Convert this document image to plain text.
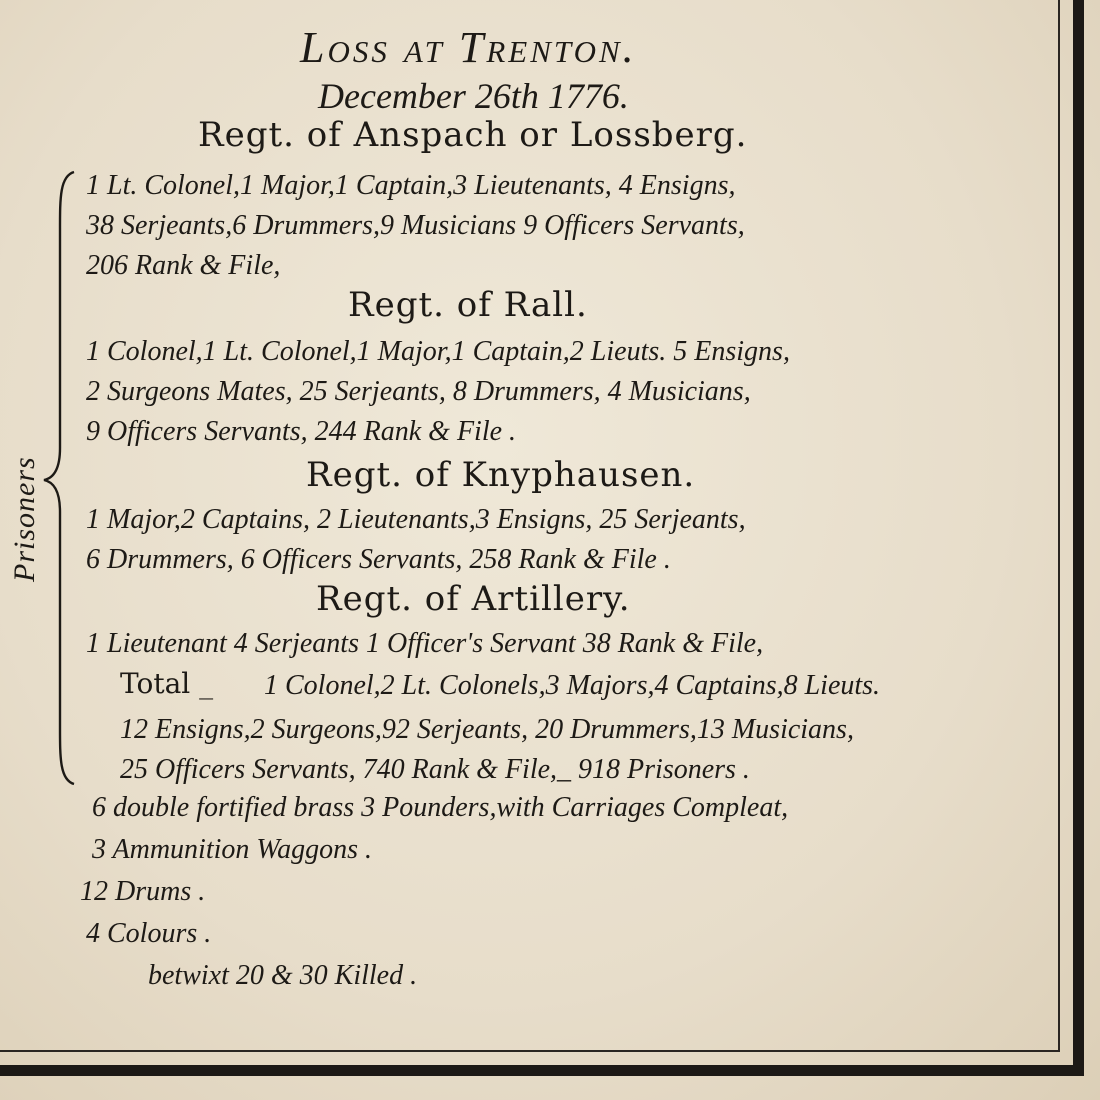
Loss at Trenton.
December 26th 1776.
Regt. of Anspach or Lossberg.
1 Lt. Colonel,1 Major,1 Captain,3 Lieutenants, 4 Ensigns,
38 Serjeants,6 Drummers,9 Musicians 9 Officers Servants,
206 Rank & File,
Regt. of Rall.
1 Colonel,1 Lt. Colonel,1 Major,1 Captain,2 Lieuts. 5 Ensigns,
2 Surgeons Mates, 25 Serjeants, 8 Drummers, 4 Musicians,
9 Officers Servants, 244 Rank & File .
Regt. of Knyphausen.
1 Major,2 Captains, 2 Lieutenants,3 Ensigns, 25 Serjeants,
6 Drummers, 6 Officers Servants, 258 Rank & File .
Regt. of Artillery.
1 Lieutenant 4 Serjeants 1 Officer's Servant 38 Rank & File,
Total _ 1 Colonel,2 Lt. Colonels,3 Majors,4 Captains,8 Lieuts.
12 Ensigns,2 Surgeons,92 Serjeants, 20 Drummers,13 Musicians,
25 Officers Servants, 740 Rank & File,_ 918 Prisoners .
Prisoners
6 double fortified brass 3 Pounders,with Carriages Compleat,
3 Ammunition Waggons .
12 Drums .
4 Colours .
betwixt 20 & 30 Killed .
